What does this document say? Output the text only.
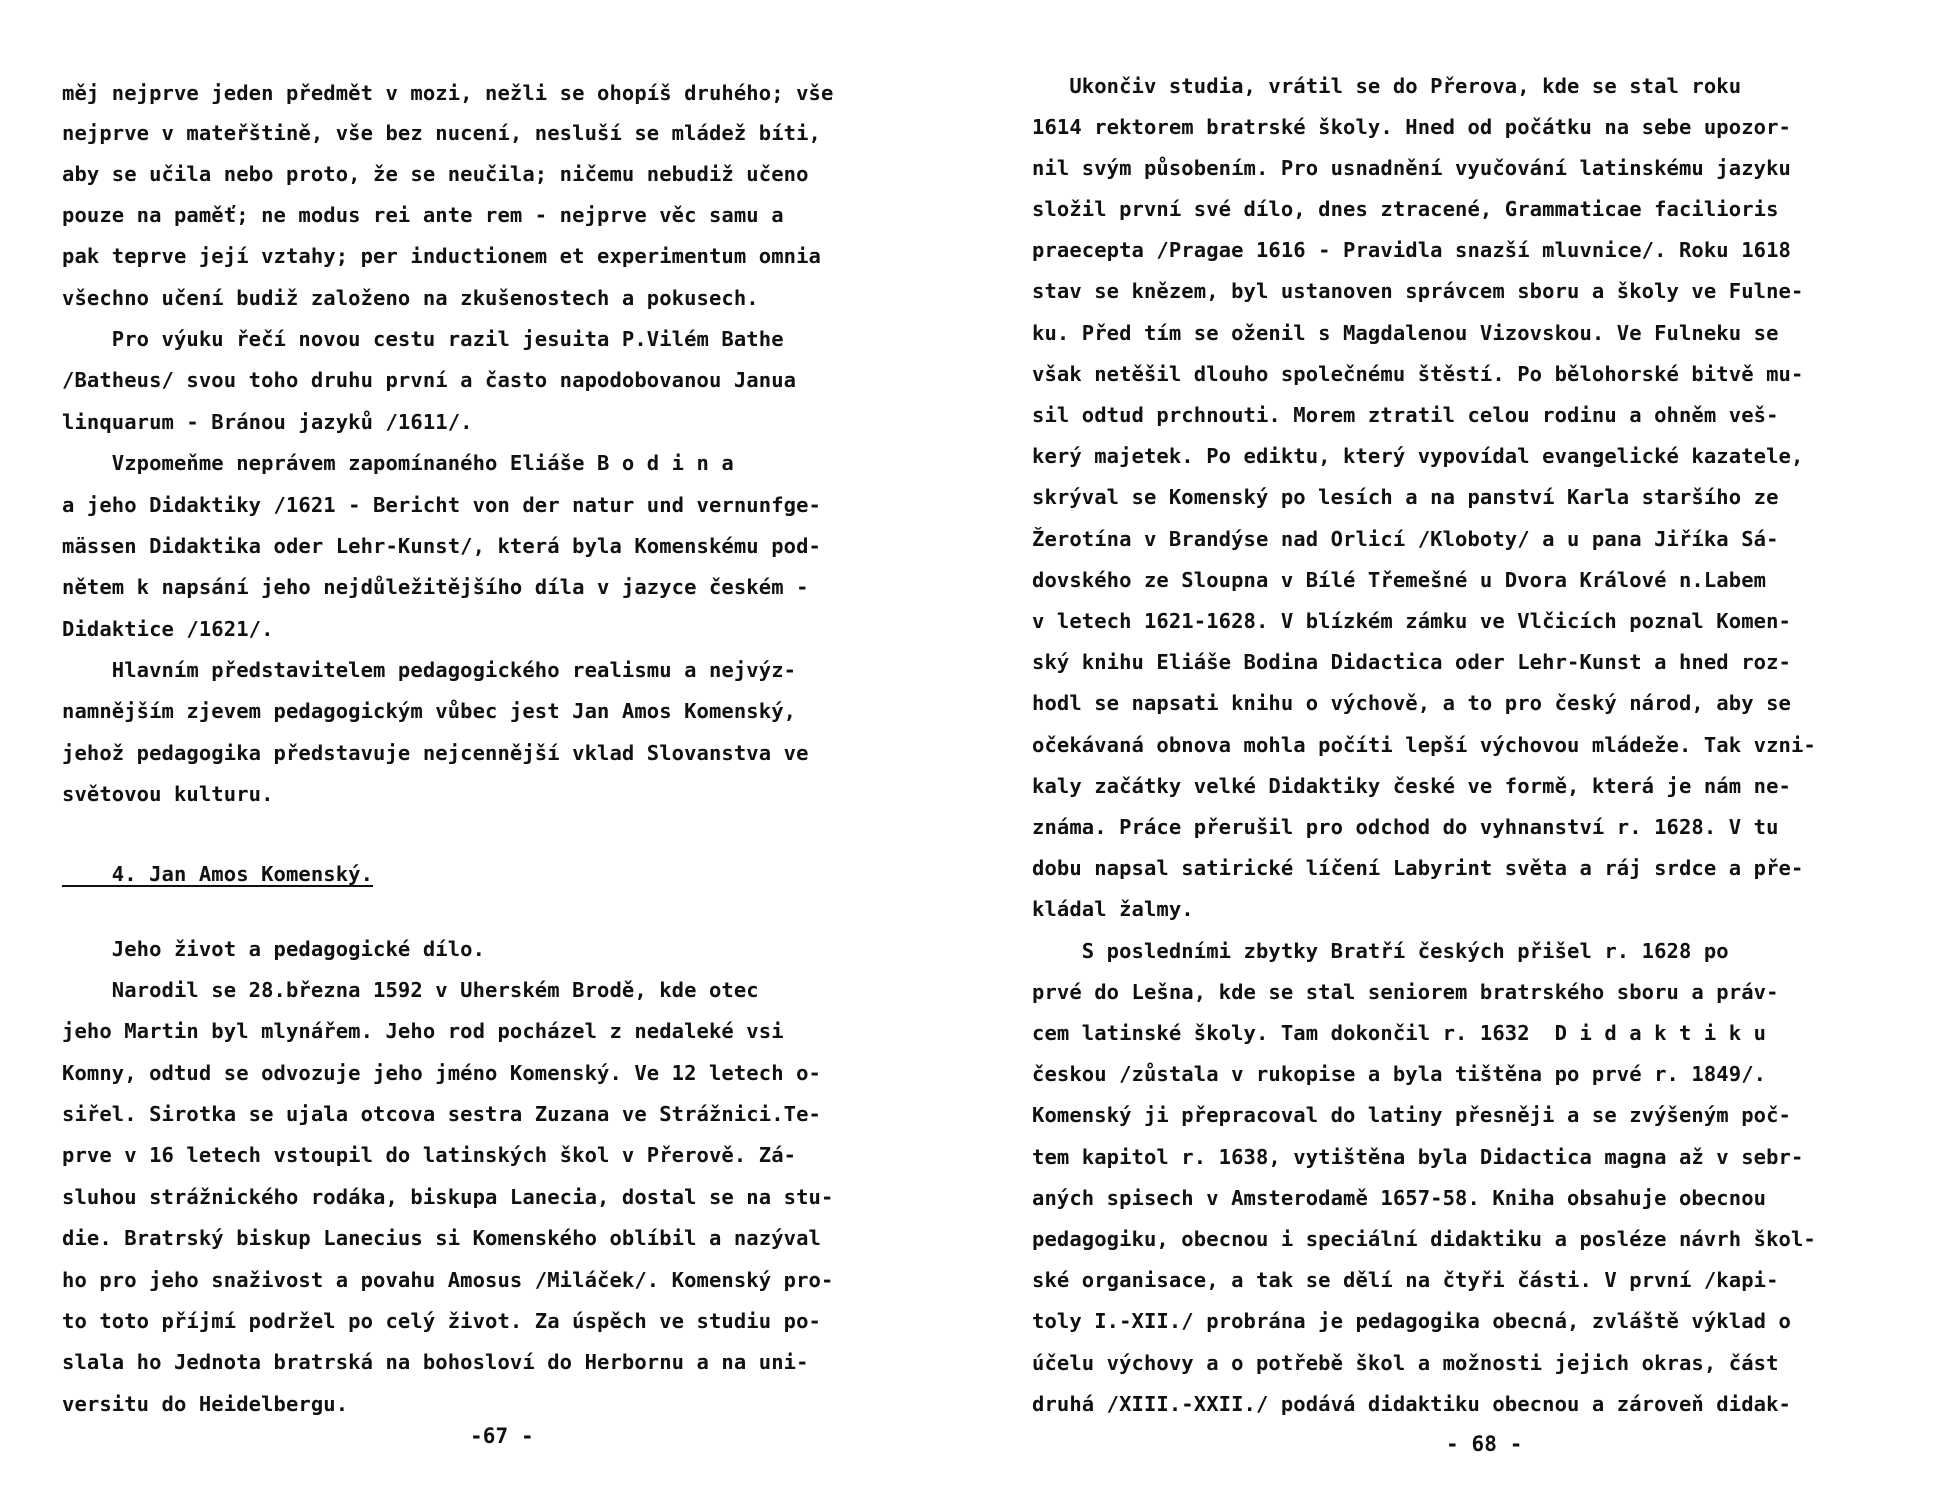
měj nejprve jeden předmět v mozi, nežli se ohopíš druhého; vše
nejprve v mateřštině, vše bez nucení, nesluší se mládež bíti,
aby se učila nebo proto, že se neučila; ničemu nebudiž učeno
pouze na paměť; ne modus rei ante rem - nejprve věc samu a
pak teprve její vztahy; per inductionem et experimentum omnia
všechno učení budiž založeno na zkušenostech a pokusech.
Pro výuku řečí novou cestu razil jesuita P.Vilém Bathe
/Batheus/ svou toho druhu první a často napodobovanou Janua
linquarum - Bránou jazyků /1611/.
Vzpomeňme neprávem zapomínaného Eliáše B o d i n a
a jeho Didaktiky /1621 - Bericht von der natur und vernunfge-
mässen Didaktika oder Lehr-Kunst/, která byla Komenskému pod-
nětem k napsání jeho nejdůležitějšího díla v jazyce českém -
Didaktice /1621/.
Hlavním představitelem pedagogického realismu a nejvýz-
namnějším zjevem pedagogickým vůbec jest Jan Amos Komenský,
jehož pedagogika představuje nejcennější vklad Slovanstva ve
světovou kulturu.
4. Jan Amos Komenský.
Jeho život a pedagogické dílo.
Narodil se 28.března 1592 v Uherském Brodě, kde otec
jeho Martin byl mlynářem. Jeho rod pocházel z nedaleké vsi
Komny, odtud se odvozuje jeho jméno Komenský. Ve 12 letech o-
siřel. Sirotka se ujala otcova sestra Zuzana ve Strážnici.Te-
prve v 16 letech vstoupil do latinských škol v Přerově. Zá-
sluhou strážnického rodáka, biskupa Lanecia, dostal se na stu-
die. Bratrský biskup Lanecius si Komenského oblíbil a nazýval
ho pro jeho snaživost a povahu Amosus /Miláček/. Komenský pro-
to toto příjmí podržel po celý život. Za úspěch ve studiu po-
slala ho Jednota bratrská na bohosloví do Herbornu a na uni-
versitu do Heidelbergu.
-67 -
Ukončiv studia, vrátil se do Přerova, kde se stal roku
1614 rektorem bratrské školy. Hned od počátku na sebe upozor-
nil svým působením. Pro usnadnění vyučování latinskému jazyku
složil první své dílo, dnes ztracené, Grammaticae facilioris
praecepta /Pragae 1616 - Pravidla snazší mluvnice/. Roku 1618
stav se knězem, byl ustanoven správcem sboru a školy ve Fulne-
ku. Před tím se oženil s Magdalenou Vizovskou. Ve Fulneku se
však netěšil dlouho společnému štěstí. Po bělohorské bitvě mu-
sil odtud prchnouti. Morem ztratil celou rodinu a ohněm veš-
kerý majetek. Po ediktu, který vypovídal evangelické kazatele,
skrýval se Komenský po lesích a na panství Karla staršího ze
Žerotína v Brandýse nad Orlicí /Kloboty/ a u pana Jiříka Sá-
dovského ze Sloupna v Bílé Třemešné u Dvora Králové n.Labem
v letech 1621-1628. V blízkém zámku ve Vlčicích poznal Komen-
ský knihu Eliáše Bodina Didactica oder Lehr-Kunst a hned roz-
hodl se napsati knihu o výchově, a to pro český národ, aby se
očekávaná obnova mohla počíti lepší výchovou mládeže. Tak vzni-
kaly začátky velké Didaktiky české ve formě, která je nám ne-
známa. Práce přerušil pro odchod do vyhnanství r. 1628. V tu
dobu napsal satirické líčení Labyrint světa a ráj srdce a pře-
kládal žalmy.
S posledními zbytky Bratří českých přišel r. 1628 po
prvé do Lešna, kde se stal seniorem bratrského sboru a práv-
cem latinské školy. Tam dokončil r. 1632  D i d a k t i k u
českou /zůstala v rukopise a byla tištěna po prvé r. 1849/.
Komenský ji přepracoval do latiny přesněji a se zvýšeným poč-
tem kapitol r. 1638, vytištěna byla Didactica magna až v sebr-
aných spisech v Amsterodamě 1657-58. Kniha obsahuje obecnou
pedagogiku, obecnou i speciální didaktiku a posléze návrh škol-
ské organisace, a tak se dělí na čtyři části. V první /kapi-
toly I.-XII./ probrána je pedagogika obecná, zvláště výklad o
účelu výchovy a o potřebě škol a možnosti jejich okras, část
druhá /XIII.-XXII./ podává didaktiku obecnou a zároveň didak-
- 68 -
